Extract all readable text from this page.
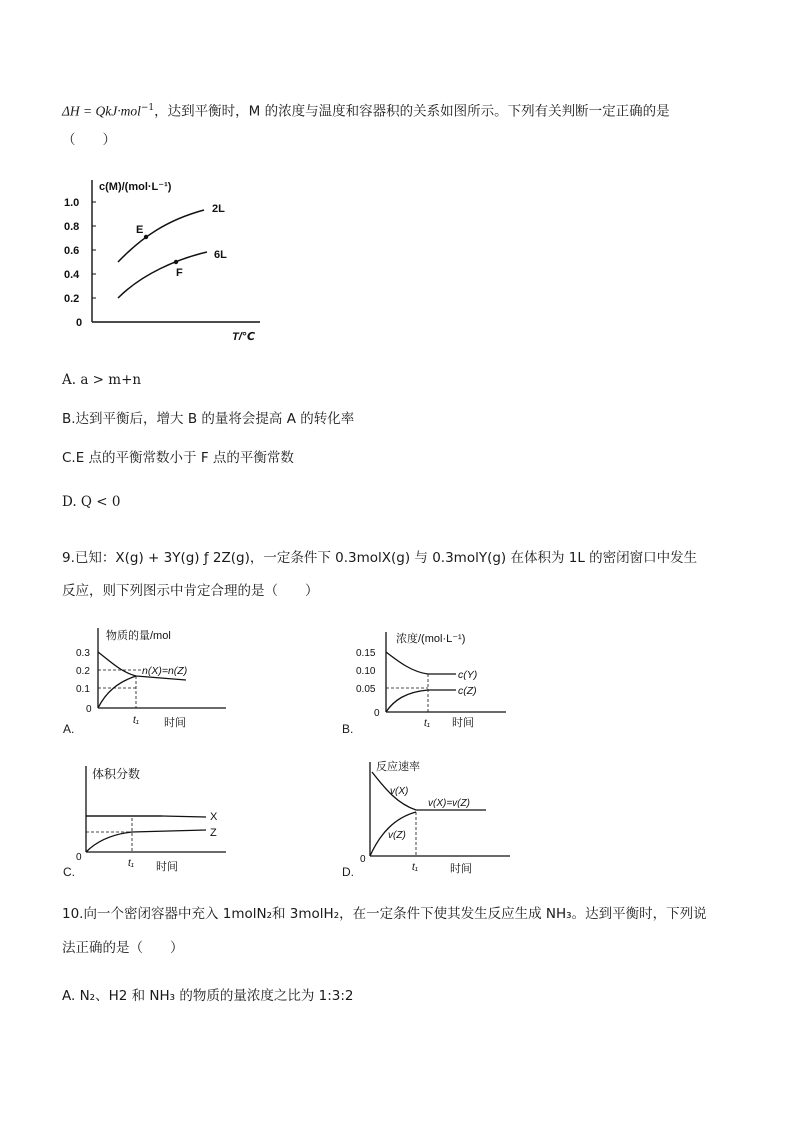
ΔH = QkJ·mol$^{-1}$，达到平衡时，M 的浓度与温度和容器积的关系如图所示。下列有关判断一定正确的是
（　　）
1.0
0.8
0.6
0.4
0.2
0
c(M)/(mol·L⁻¹)
T/℃
E
F
2L
6L
A. a > m+n
B.达到平衡后，增大 B 的量将会提高 A 的转化率
C.E 点的平衡常数小于 F 点的平衡常数
D. Q < 0
9.已知：X(g) + 3Y(g) ƒ 2Z(g)，一定条件下 0.3molX(g) 与 0.3molY(g) 在体积为 1L 的密闭窗口中发生
反应，则下列图示中肯定合理的是（　　）
物质的量/mol
0.3
0.2
0.1
0
n(X)=n(Z)
t₁ 时间
A.
浓度/(mol·L⁻¹)
0.15
0.10
0.05
0
c(Y)
c(Z)
t₁ 时间
B.
体积分数
X
Z
0
t₁ 时间
C.
反应速率
v(X)
v(Z)
v(X)=v(Z)
0
t₁	时间
D.
10.向一个密闭容器中充入 1molN₂和 3molH₂，在一定条件下使其发生反应生成 NH₃。达到平衡时，下列说
法正确的是（　　）
A. N₂、H2 和 NH₃ 的物质的量浓度之比为 1:3:2
